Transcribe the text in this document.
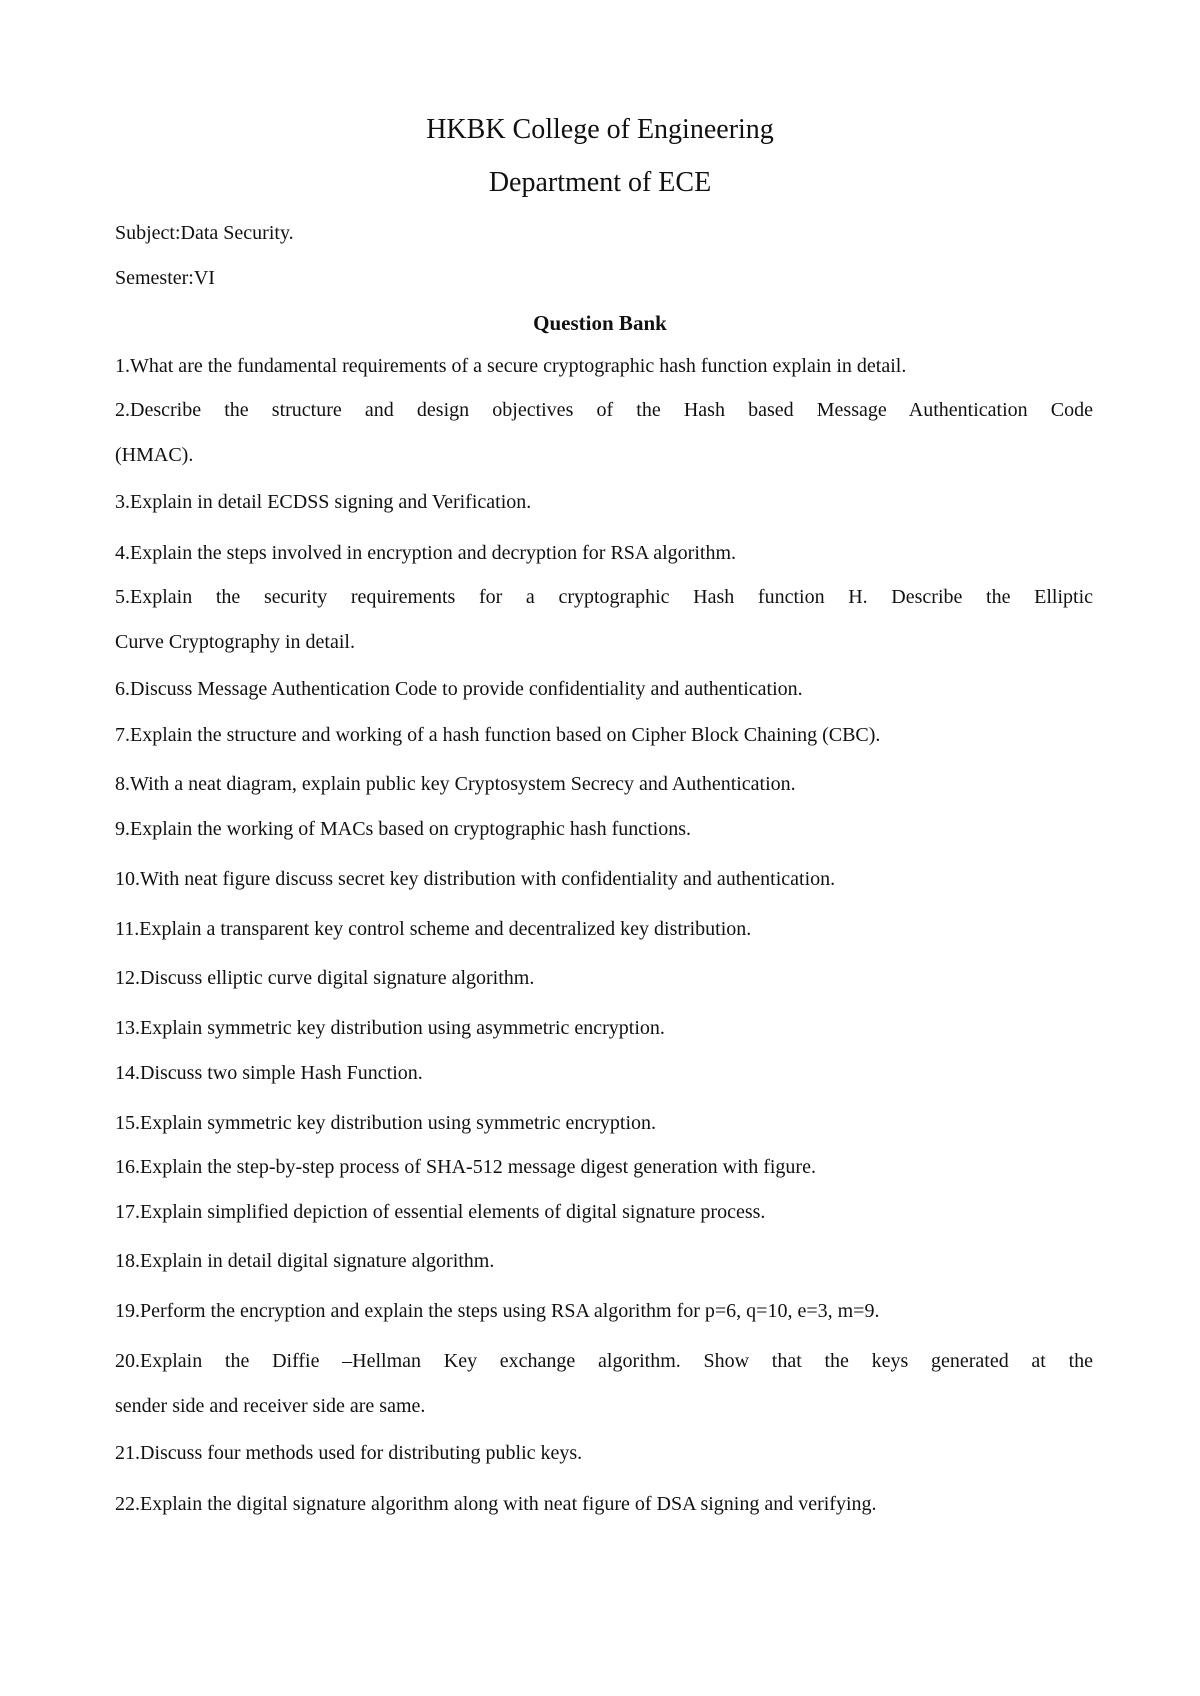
HKBK College of Engineering
Department of ECE
Subject:Data Security.
Semester:VI
Question Bank
1.What are the fundamental requirements of a secure cryptographic hash function explain in detail.
2.Describe the structure and design objectives of the Hash based Message Authentication Code
(HMAC).
3.Explain in detail ECDSS signing and Verification.
4.Explain the steps involved in encryption and decryption for RSA algorithm.
5.Explain the security requirements for a cryptographic Hash function H. Describe the Elliptic
Curve Cryptography in detail.
6.Discuss Message Authentication Code to provide confidentiality and authentication.
7.Explain the structure and working of a hash function based on Cipher Block Chaining (CBC).
8.With a neat diagram, explain public key Cryptosystem Secrecy and Authentication.
9.Explain the working of MACs based on cryptographic hash functions.
10.With neat figure discuss secret key distribution with confidentiality and authentication.
11.Explain a transparent key control scheme and decentralized key distribution.
12.Discuss elliptic curve digital signature algorithm.
13.Explain symmetric key distribution using asymmetric encryption.
14.Discuss two simple Hash Function.
15.Explain symmetric key distribution using symmetric encryption.
16.Explain the step-by-step process of SHA-512 message digest generation with figure.
17.Explain simplified depiction of essential elements of digital signature process.
18.Explain in detail digital signature algorithm.
19.Perform the encryption and explain the steps using RSA algorithm for p=6, q=10, e=3, m=9.
20.Explain the Diffie –Hellman Key exchange algorithm. Show that the keys generated at the
sender side and receiver side are same.
21.Discuss four methods used for distributing public keys.
22.Explain the digital signature algorithm along with neat figure of DSA signing and verifying.
